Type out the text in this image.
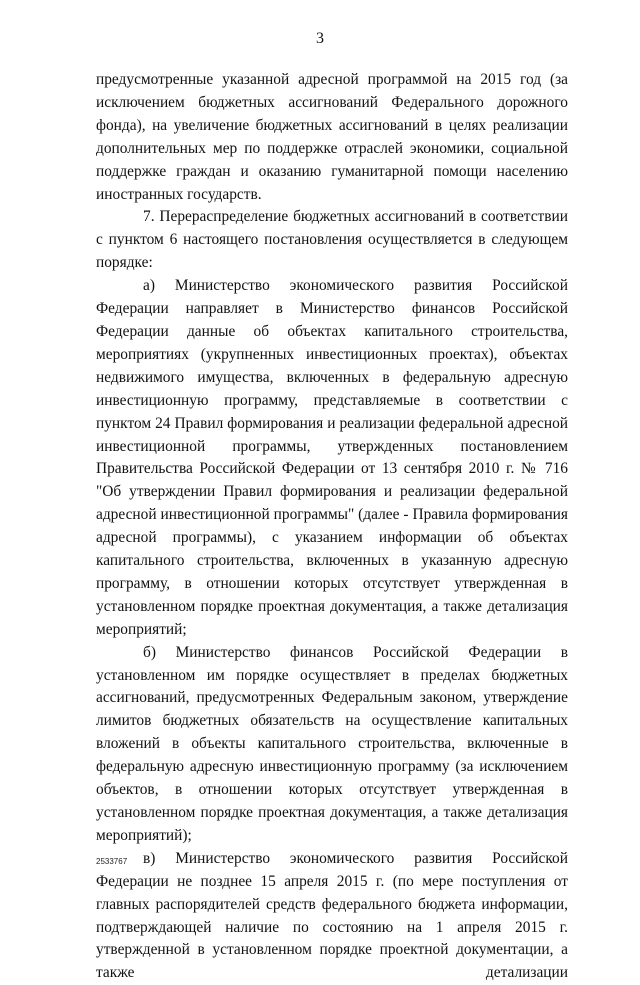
3

предусмотренные указанной адресной программой на 2015 год (за исключением бюджетных ассигнований Федерального дорожного фонда), на увеличение бюджетных ассигнований в целях реализации дополнительных мер по поддержке отраслей экономики, социальной поддержке граждан и оказанию гуманитарной помощи населению иностранных государств.

7. Перераспределение бюджетных ассигнований в соответствии с пунктом 6 настоящего постановления осуществляется в следующем порядке:

а) Министерство экономического развития Российской Федерации направляет в Министерство финансов Российской Федерации данные об объектах капитального строительства, мероприятиях (укрупненных инвестиционных проектах), объектах недвижимого имущества, включенных в федеральную адресную инвестиционную программу, представляемые в соответствии с пунктом 24 Правил формирования и реализации федеральной адресной инвестиционной программы, утвержденных постановлением Правительства Российской Федерации от 13 сентября 2010 г. № 716 "Об утверждении Правил формирования и реализации федеральной адресной инвестиционной программы" (далее - Правила формирования адресной программы), с указанием информации об объектах капитального строительства, включенных в указанную адресную программу, в отношении которых отсутствует утвержденная в установленном порядке проектная документация, а также детализация мероприятий;

б) Министерство финансов Российской Федерации в установленном им порядке осуществляет в пределах бюджетных ассигнований, предусмотренных Федеральным законом, утверждение лимитов бюджетных обязательств на осуществление капитальных вложений в объекты капитального строительства, включенные в федеральную адресную инвестиционную программу (за исключением объектов, в отношении которых отсутствует утвержденная в установленном порядке проектная документация, а также детализация мероприятий);

в) Министерство экономического развития Российской Федерации не позднее 15 апреля 2015 г. (по мере поступления от главных распорядителей средств федерального бюджета информации, подтверждающей наличие по состоянию на 1 апреля 2015 г. утвержденной в установленном порядке проектной документации, а также детализации

2533767
